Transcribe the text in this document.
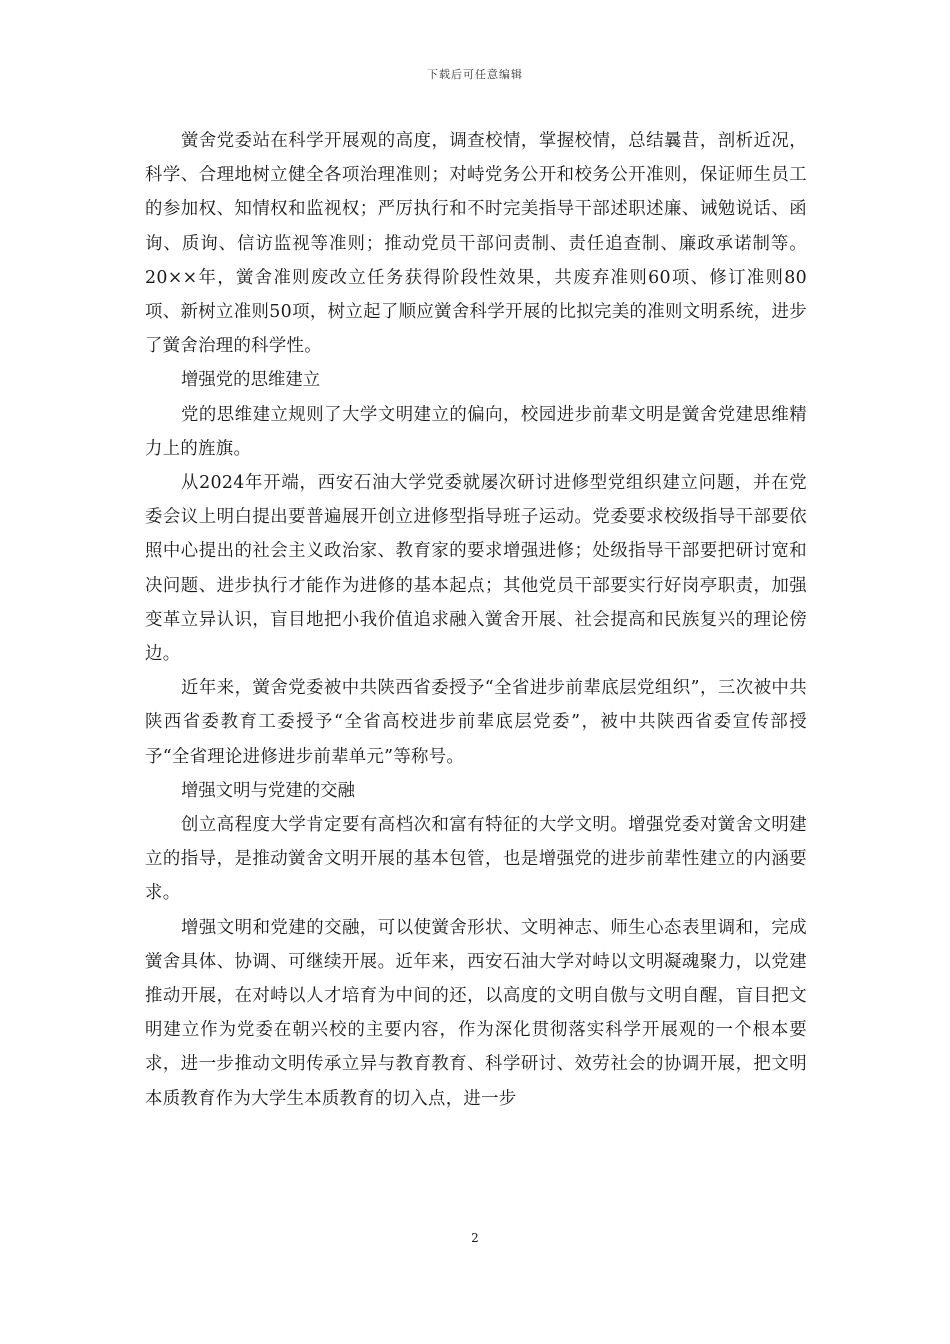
下载后可任意编辑

黉舍党委站在科学开展观的高度，调查校情，掌握校情，总结曩昔，剖析近况，科学、合理地树立健全各项治理准则；对峙党务公开和校务公开准则，保证师生员工的参加权、知情权和监视权；严厉执行和不时完美指导干部述职述廉、诫勉说话、函询、质询、信访监视等准则；推动党员干部问责制、责任追查制、廉政承诺制等。20××年，黉舍准则废改立任务获得阶段性效果，共废弃准则60项、修订准则80项、新树立准则50项，树立起了顺应黉舍科学开展的比拟完美的准则文明系统，进步了黉舍治理的科学性。

增强党的思维建立

党的思维建立规则了大学文明建立的偏向，校园进步前辈文明是黉舍党建思维精力上的旌旗。

从2024年开端，西安石油大学党委就屡次研讨进修型党组织建立问题，并在党委会议上明白提出要普遍展开创立进修型指导班子运动。党委要求校级指导干部要依照中心提出的社会主义政治家、教育家的要求增强进修；处级指导干部要把研讨宽和决问题、进步执行才能作为进修的基本起点；其他党员干部要实行好岗亭职责，加强变革立异认识，盲目地把小我价值追求融入黉舍开展、社会提高和民族复兴的理论傍边。

近年来，黉舍党委被中共陕西省委授予“全省进步前辈底层党组织”，三次被中共陕西省委教育工委授予“全省高校进步前辈底层党委”，被中共陕西省委宣传部授予“全省理论进修进步前辈单元”等称号。

增强文明与党建的交融

创立高程度大学肯定要有高档次和富有特征的大学文明。增强党委对黉舍文明建立的指导，是推动黉舍文明开展的基本包管，也是增强党的进步前辈性建立的内涵要求。

增强文明和党建的交融，可以使黉舍形状、文明神志、师生心态表里调和，完成黉舍具体、协调、可继续开展。近年来，西安石油大学对峙以文明凝魂聚力，以党建推动开展，在对峙以人才培育为中间的还，以高度的文明自傲与文明自醒，盲目把文明建立作为党委在朝兴校的主要内容，作为深化贯彻落实科学开展观的一个根本要求，进一步推动文明传承立异与教育教育、科学研讨、效劳社会的协调开展，把文明本质教育作为大学生本质教育的切入点，进一步

2
